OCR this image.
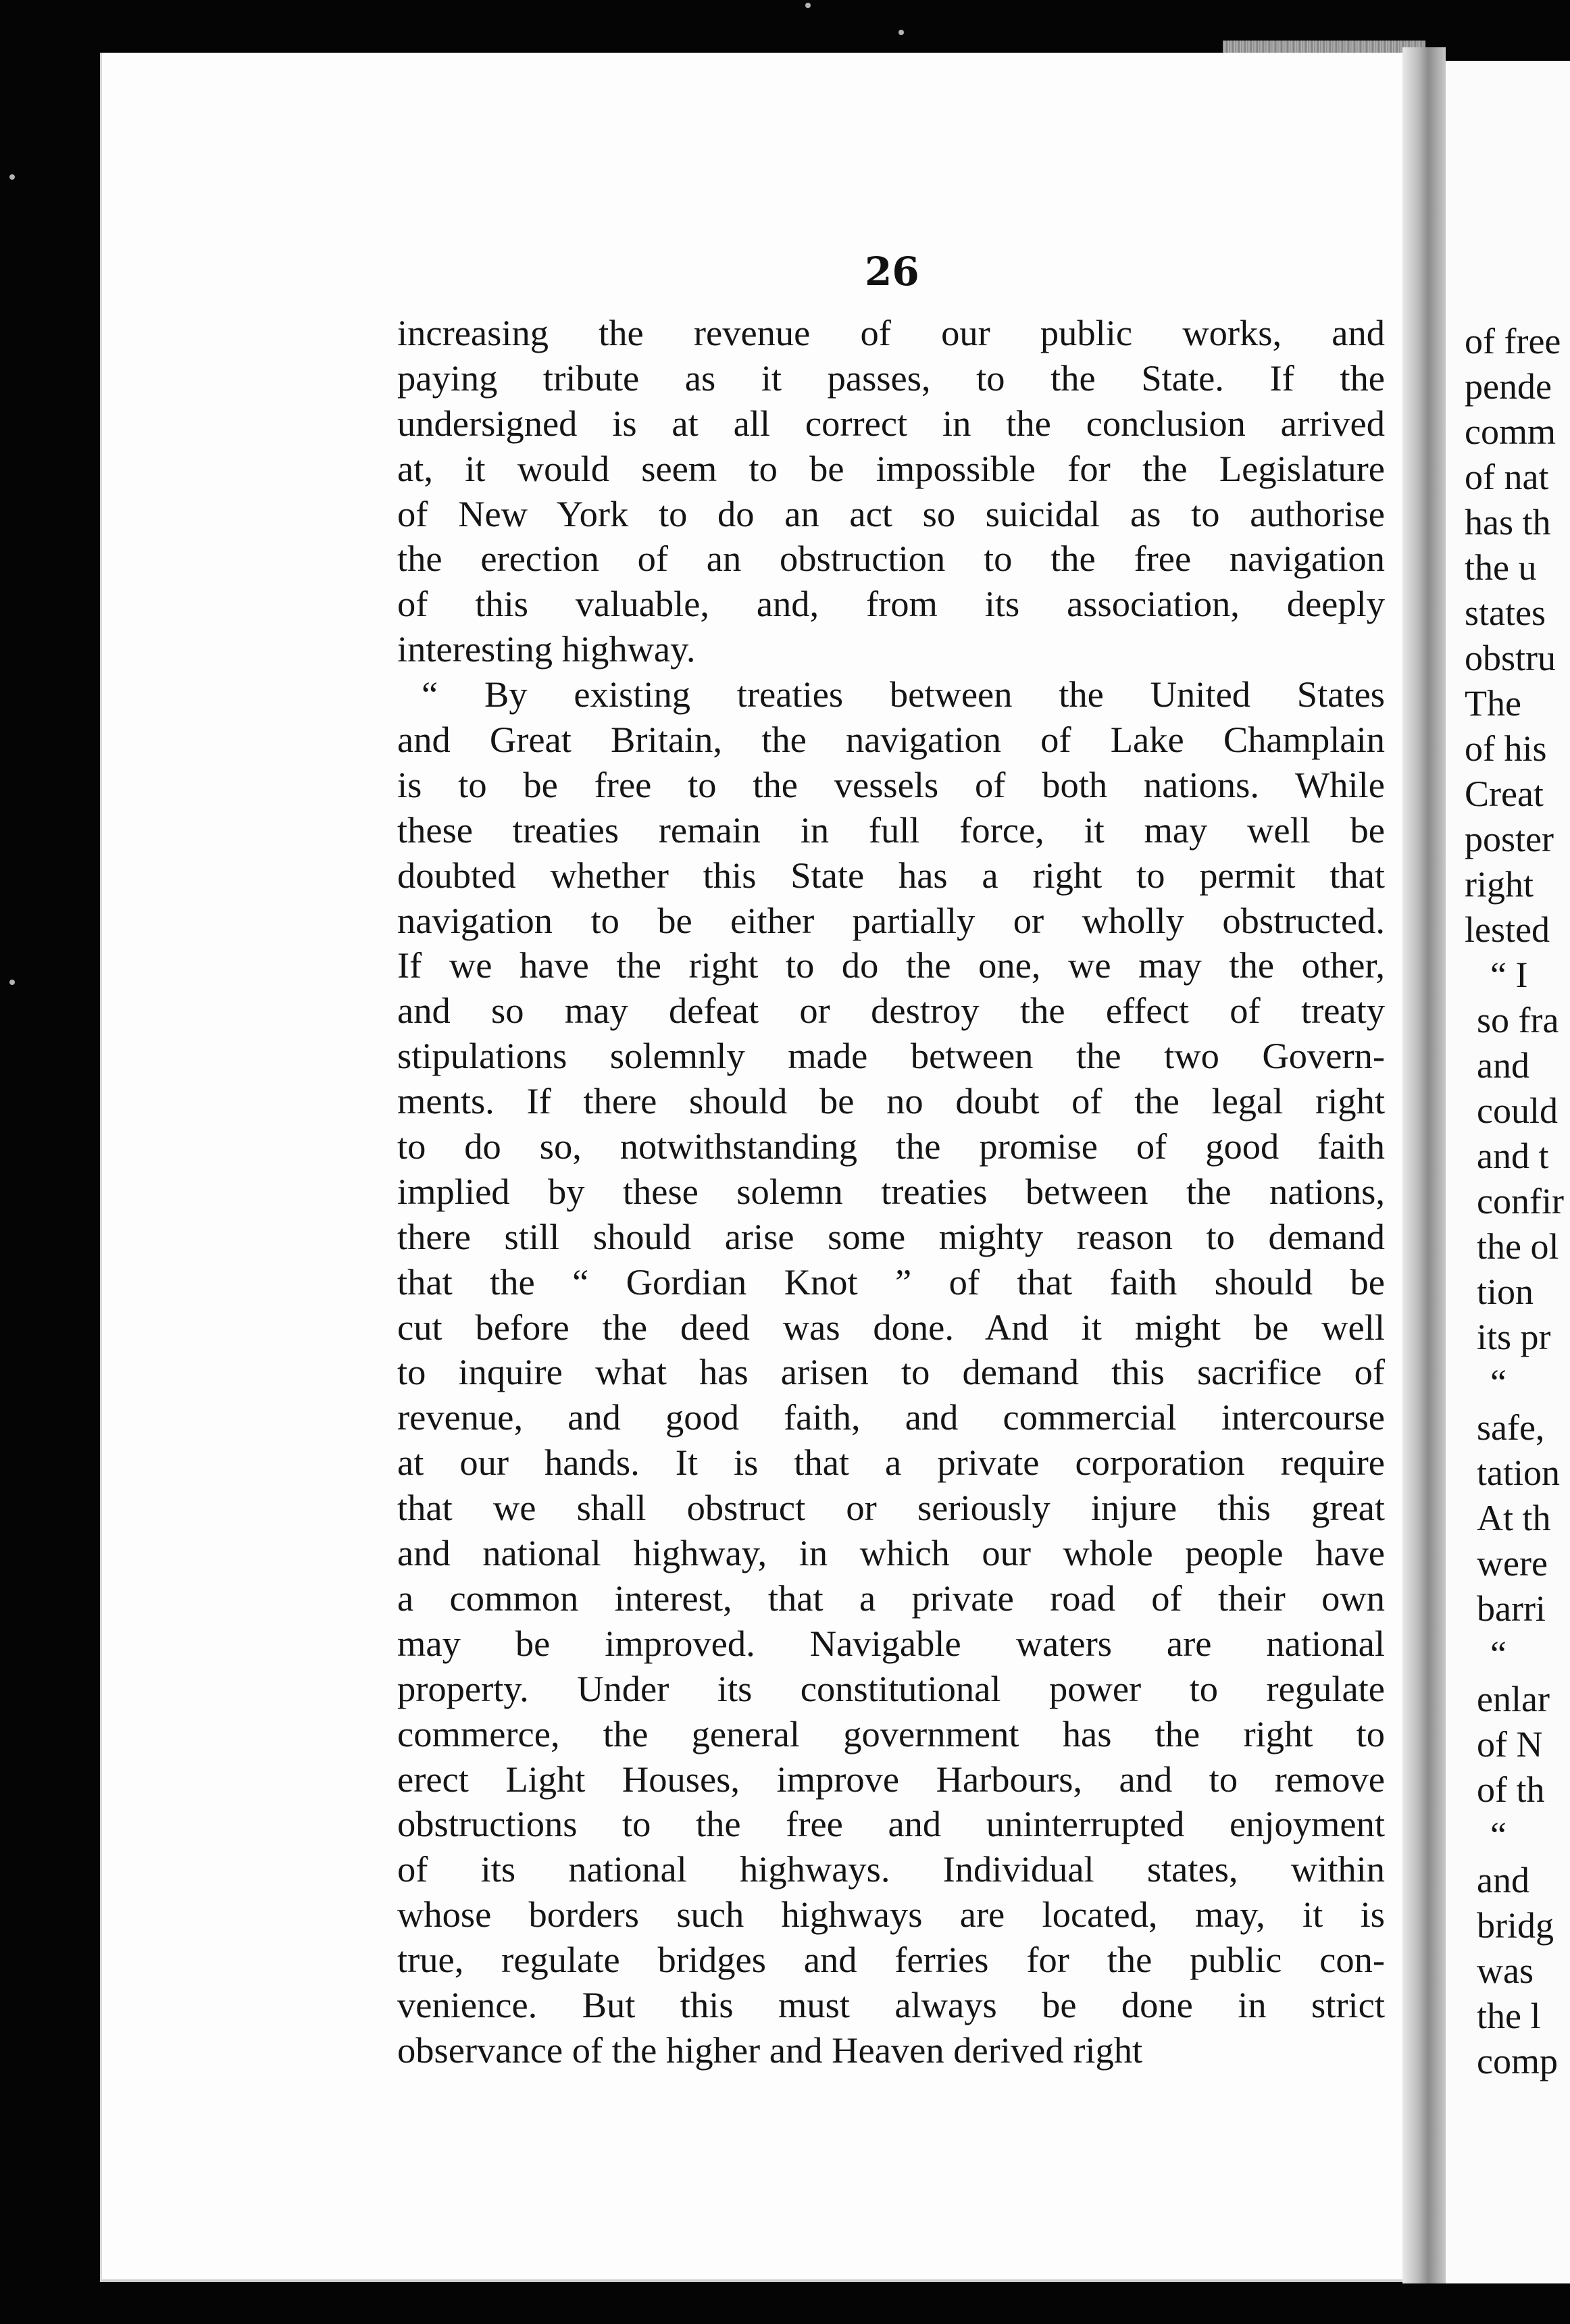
26
increasing the revenue of our public works, and
paying tribute as it passes, to the State. If the
undersigned is at all correct in the conclusion arrived
at, it would seem to be impossible for the Legislature
of New York to do an act so suicidal as to authorise
the erection of an obstruction to the free navigation
of this valuable, and, from its association, deeply
interesting highway.
“ By existing treaties between the United States
and Great Britain, the navigation of Lake Champlain
is to be free to the vessels of both nations. While
these treaties remain in full force, it may well be
doubted whether this State has a right to permit that
navigation to be either partially or wholly obstructed.
If we have the right to do the one, we may the other,
and so may defeat or destroy the effect of treaty
stipulations solemnly made between the two Govern-
ments. If there should be no doubt of the legal right
to do so, notwithstanding the promise of good faith
implied by these solemn treaties between the nations,
there still should arise some mighty reason to demand
that the “ Gordian Knot ” of that faith should be
cut before the deed was done. And it might be well
to inquire what has arisen to demand this sacrifice of
revenue, and good faith, and commercial intercourse
at our hands. It is that a private corporation require
that we shall obstruct or seriously injure this great
and national highway, in which our whole people have
a common interest, that a private road of their own
may be improved. Navigable waters are national
property. Under its constitutional power to regulate
commerce, the general government has the right to
erect Light Houses, improve Harbours, and to remove
obstructions to the free and uninterrupted enjoyment
of its national highways. Individual states, within
whose borders such highways are located, may, it is
true, regulate bridges and ferries for the public con-
venience. But this must always be done in strict
observance of the higher and Heaven derived right
of free
pende
comm
of nat
has th
the u
states
obstru
The
of his
Creat
poster
right
lested
“ I
so fra
and
could
and t
confir
the ol
tion
its pr
“
safe,
tation
At th
were
barri
“
enlar
of N
of th
“
and
bridg
was
the l
comp
